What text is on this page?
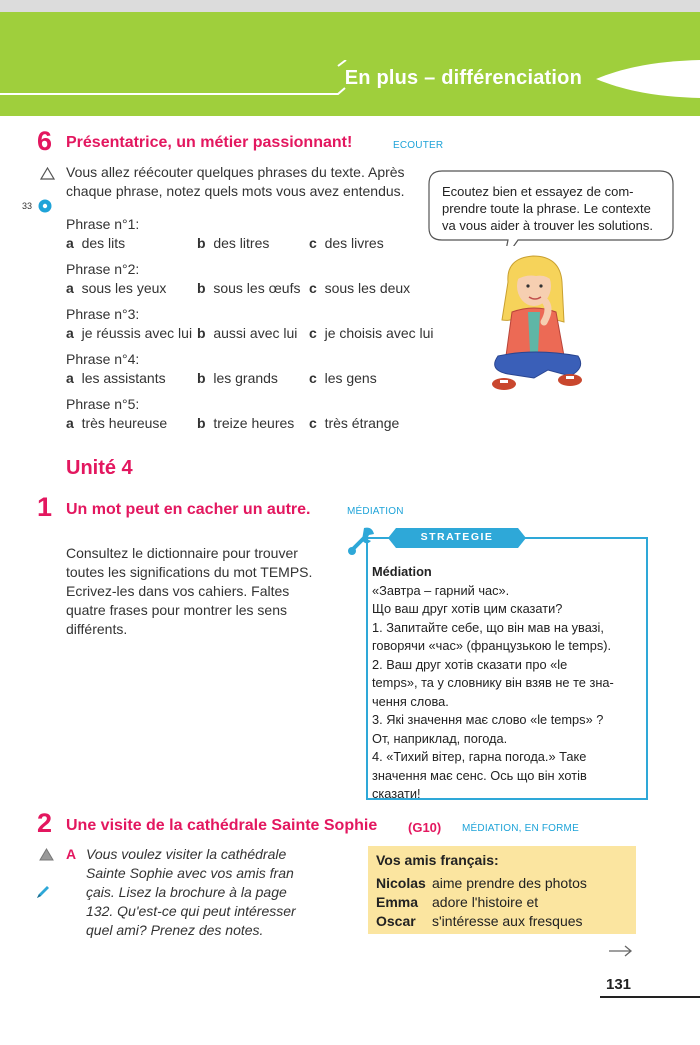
En plus – différenciation
6 Présentatrice, un métier passionnant!	ECOUTER
Vous allez réécouter quelques phrases du texte. Après
chaque phrase, notez quels mots vous avez entendus.
33
Phrase n°1:
a des lits	b des litres	c des livres
Phrase n°2:
a sous les yeux b sous les œufs c sous les deux
Phrase n°3:
a je réussis avec lui b aussi avec lui c je choisis avec lui
Phrase n°4:
a les assistants b les grands c les gens
Phrase n°5:
a très heureuse b treize heures c très étrange
Ecoutez bien et essayez de com-
prendre toute la phrase. Le contexte
va vous aider à trouver les solutions.
Unité 4
1 Un mot peut en cacher un autre.	MÉDIATION
Consultez le dictionnaire pour trouver
toutes les significations du mot TEMPS.
Ecrivez-les dans vos cahiers. Faltes
quatre frases pour montrer les sens
différents.
STRATEGIE
Médiation
«Завтра – гарний час».
Що ваш друг хотів цим сказати?
1. Запитайте себе, що він мав на увазі,
говорячи «час» (французькою le temps).
2. Ваш друг хотів сказати про «le
temps», та у словнику він взяв не те зна-
чення слова.
3. Які значення має слово «le temps» ?
От, наприклад, погода.
4. «Тихий вітер, гарна погода.» Таке
значення має сенс. Ось що він хотів
сказати!
2 Une visite de la cathédrale Sainte Sophie (G10) MÉDIATION, EN FORME
A Vous voulez visiter la cathédrale
Sainte Sophie avec vos amis fran
çais. Lisez la brochure à la page
132. Qu'est-ce qui peut intéresser
quel ami? Prenez des notes.
Vos amis français:
Nicolas aime prendre des photos
Emma adore l'histoire et
Oscar s'intéresse aux fresques
131
